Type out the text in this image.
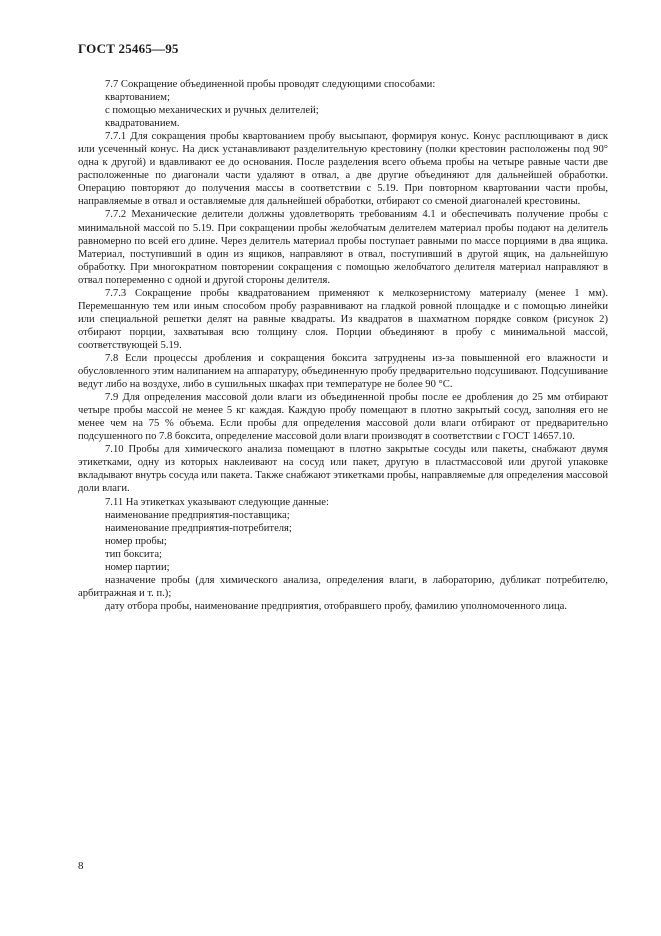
ГОСТ 25465—95

7.7 Сокращение объединенной пробы проводят следующими способами:

квартованием;

с помощью механических и ручных делителей;

квадратованием.

7.7.1 Для сокращения пробы квартованием пробу высыпают, формируя конус. Конус расплющивают в диск или усеченный конус. На диск устанавливают разделительную крестовину (полки крестовин расположены под 90° одна к другой) и вдавливают ее до основания. После разделения всего объема пробы на четыре равные части две расположенные по диагонали части удаляют в отвал, а две другие объединяют для дальнейшей обработки. Операцию повторяют до получения массы в соответствии с 5.19. При повторном квартовании части пробы, направляемые в отвал и оставляемые для дальнейшей обработки, отбирают со сменой диагоналей крестовины.

7.7.2 Механические делители должны удовлетворять требованиям 4.1 и обеспечивать получение пробы с минимальной массой по 5.19. При сокращении пробы желобчатым делителем материал пробы подают на делитель равномерно по всей его длине. Через делитель материал пробы поступает равными по массе порциями в два ящика. Материал, поступивший в один из ящиков, направляют в отвал, поступивший в другой ящик, на дальнейшую обработку. При многократном повторении сокращения с помощью желобчатого делителя материал направляют в отвал попеременно с одной и другой стороны делителя.

7.7.3 Сокращение пробы квадратованием применяют к мелкозернистому материалу (менее 1 мм). Перемешанную тем или иным способом пробу разравнивают на гладкой ровной площадке и с помощью линейки или специальной решетки делят на равные квадраты. Из квадратов в шахматном порядке совком (рисунок 2) отбирают порции, захватывая всю толщину слоя. Порции объединяют в пробу с минимальной массой, соответствующей 5.19.

7.8 Если процессы дробления и сокращения боксита затруднены из-за повышенной его влажности и обусловленного этим налипанием на аппаратуру, объединенную пробу предварительно подсушивают. Подсушивание ведут либо на воздухе, либо в сушильных шкафах при температуре не более 90 °С.

7.9 Для определения массовой доли влаги из объединенной пробы после ее дробления до 25 мм отбирают четыре пробы массой не менее 5 кг каждая. Каждую пробу помещают в плотно закрытый сосуд, заполняя его не менее чем на 75 % объема. Если пробы для определения массовой доли влаги отбирают от предварительно подсушенного по 7.8 боксита, определение массовой доли влаги производят в соответствии с ГОСТ 14657.10.

7.10 Пробы для химического анализа помещают в плотно закрытые сосуды или пакеты, снабжают двумя этикетками, одну из которых наклеивают на сосуд или пакет, другую в пластмассовой или другой упаковке вкладывают внутрь сосуда или пакета. Также снабжают этикетками пробы, направляемые для определения массовой доли влаги.

7.11 На этикетках указывают следующие данные:

наименование предприятия-поставщика;

наименование предприятия-потребителя;

номер пробы;

тип боксита;

номер партии;

назначение пробы (для химического анализа, определения влаги, в лабораторию, дубликат потребителю, арбитражная и т. п.);

дату отбора пробы, наименование предприятия, отобравшего пробу, фамилию уполномоченного лица.

8
